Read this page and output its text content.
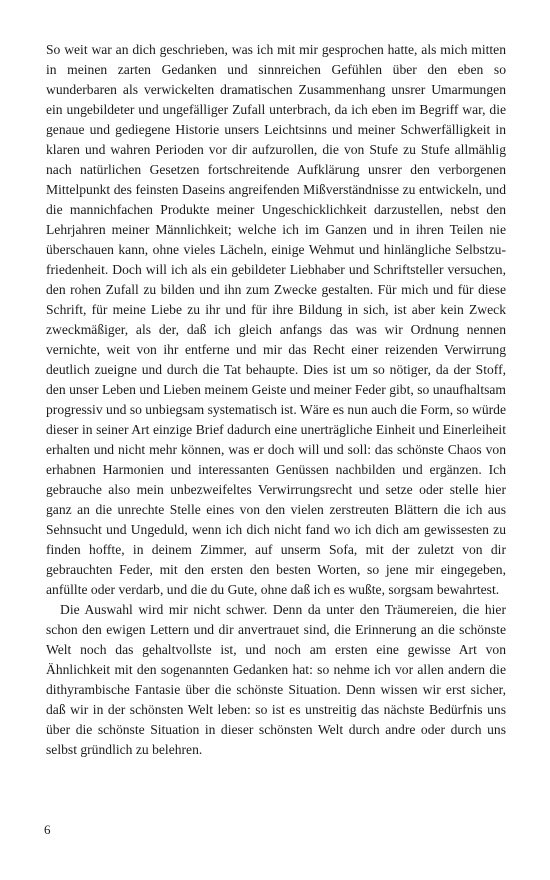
So weit war an dich geschrieben, was ich mit mir gesprochen hatte, als mich mitten in meinen zarten Gedanken und sinnreichen Gefühlen über den eben so wunderbaren als verwickelten dramatischen Zusammenhang unsrer Umarmungen ein ungebildeter und ungefälliger Zufall unterbrach, da ich eben im Begriff war, die genaue und gediegene Historie unsers Leichtsinns und meiner Schwerfälligkeit in klaren und wahren Perioden vor dir aufzurollen, die von Stufe zu Stufe allmählig nach natürlichen Gesetzen fortschreitende Aufklärung unsrer den verborgenen Mittelpunkt des feinsten Daseins angreifenden Mißverständnisse zu entwickeln, und die mannichfachen Produkte meiner Ungeschicklichkeit darzustellen, nebst den Lehrjahren meiner Männlichkeit; welche ich im Ganzen und in ihren Teilen nie überschauen kann, ohne vieles Lächeln, einige Wehmut und hinlängliche Selbstzufriedenheit. Doch will ich als ein gebildeter Liebhaber und Schriftsteller versuchen, den rohen Zufall zu bilden und ihn zum Zwecke gestalten. Für mich und für diese Schrift, für meine Liebe zu ihr und für ihre Bildung in sich, ist aber kein Zweck zweckmäßiger, als der, daß ich gleich anfangs das was wir Ordnung nennen vernichte, weit von ihr entferne und mir das Recht einer reizenden Verwirrung deutlich zueigne und durch die Tat behaupte. Dies ist um so nötiger, da der Stoff, den unser Leben und Lieben meinem Geiste und meiner Feder gibt, so unaufhaltsam progressiv und so unbiegsam systematisch ist. Wäre es nun auch die Form, so würde dieser in seiner Art einzige Brief dadurch eine unerträgliche Einheit und Einerleiheit erhalten und nicht mehr können, was er doch will und soll: das schönste Chaos von erhabnen Harmonien und interessanten Genüssen nachbilden und ergänzen. Ich gebrauche also mein unbezweifeltes Verwirrungsrecht und setze oder stelle hier ganz an die unrechte Stelle eines von den vielen zerstreuten Blättern die ich aus Sehnsucht und Ungeduld, wenn ich dich nicht fand wo ich dich am gewissesten zu finden hoffte, in deinem Zimmer, auf unserm Sofa, mit der zuletzt von dir gebrauchten Feder, mit den ersten den besten Worten, so jene mir eingegeben, anfüllte oder verdarb, und die du Gute, ohne daß ich es wußte, sorgsam bewahrtest.

Die Auswahl wird mir nicht schwer. Denn da unter den Träumereien, die hier schon den ewigen Lettern und dir anvertrauet sind, die Erinnerung an die schönste Welt noch das gehaltvollste ist, und noch am ersten eine gewisse Art von Ähnlichkeit mit den sogenannten Gedanken hat: so nehme ich vor allen andern die dithyrambische Fantasie über die schönste Situation. Denn wissen wir erst sicher, daß wir in der schönsten Welt leben: so ist es unstreitig das nächste Bedürfnis uns über die schönste Situation in dieser schönsten Welt durch andre oder durch uns selbst gründlich zu belehren.

6
